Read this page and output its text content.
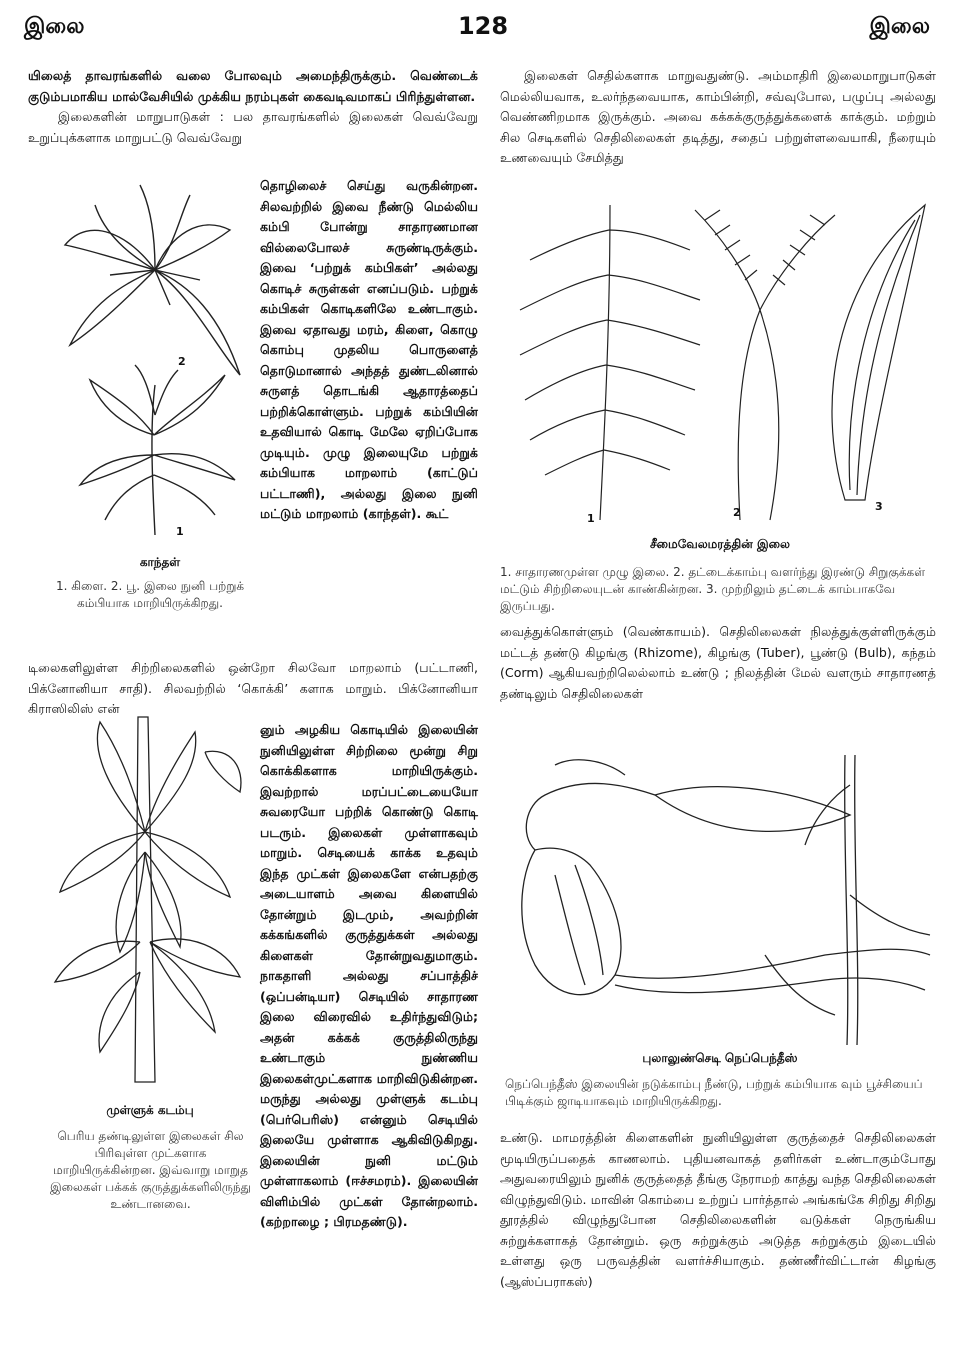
இலை	128	இலை

யிலைத் தாவரங்களில் வலை போலவும் அமைந்திருக்கும். வெண்டைக் குடும்பமாகிய மால்வேசியில் முக்கிய நரம்புகள் கைவடிவமாகப் பிரிந்துள்ளன.

இலைகளின் மாறுபாடுகள் : பல தாவரங்களில் இலைகள் வெவ்வேறு உறுப்புக்களாக மாறுபட்டு வெவ்வேறு

தொழிலைச் செய்து வருகின்றன. சிலவற்றில் இவை நீண்டு மெல்லிய கம்பி போன்று சாதாரணமான வில்லைபோலச் சுருண்டிருக்கும். இவை ‘பற்றுக் கம்பிகள்’ அல்லது கொடிச் சுருள்கள் எனப்படும். பற்றுக் கம்பிகள் கொடிகளிலே உண்டாகும். இவை ஏதாவது மரம், கிளை, கொழு கொம்பு முதலிய பொருளைத் தொடுமானால் அந்தத் துண்டலினால் சுருளத் தொடங்கி ஆதாரத்தைப் பற்றிக்கொள்ளும். பற்றுக் கம்பியின் உதவியால் கொடி மேலே ஏறிப்போக முடியும். முழு இலையுமே பற்றுக் கம்பியாக மாறலாம் (காட்டுப் பட்டாணி), அல்லது இலை நுனி மட்டும் மாறலாம் (காந்தள்). கூட்
டிலைகளிலுள்ள சிற்றிலைகளில் ஒன்றோ சிலவோ மாறலாம் (பட்டாணி, பிக்னோனியா சாதி). சிலவற்றில் ‘கொக்கி’ களாக மாறும். பிக்னோனியா கிராஸிலிஸ் என்
னும் அழகிய கொடியில் இலையின் நுனியிலுள்ள சிற்றிலை மூன்று சிறு கொக்கிகளாக மாறியிருக்கும். இவற்றால் மரப்பட்டையையோ சுவரையோ பற்றிக் கொண்டு கொடி படரும். இலைகள் முள்ளாகவும் மாறும். செடியைக் காக்க உதவும் இந்த முட்கள் இலைகளே என்பதற்கு அடையாளம் அவை கிளையில் தோன்றும் இடமும், அவற்றின் கக்கங்களில் குருத்துக்கள் அல்லது கிளைகள் தோன்றுவதுமாகும். நாகதாளி அல்லது சப்பாத்திச் (ஒப்பன்டியா) செடியில் சாதாரண இலை விரைவில் உதிர்ந்துவிடும்; அதன் கக்கக் குருத்திலிருந்து உண்டாகும் நுண்ணிய இலைகள்முட்களாக மாறிவிடுகின்றன. மருந்து அல்லது முள்ளுக் கடம்பு (பெர்பெரிஸ்) என்னும் செடியில் இலையே முள்ளாக ஆகிவிடுகிறது. இலையின் நுனி மட்டும் முள்ளாகலாம் (ஈச்சமரம்). இலையின் விளிம்பில் முட்கள் தோன்றலாம். (கற்றாழை ; பிரமதண்டு).
2
1
காந்தள்
1. கிளை. 2. பூ. இலை நுனி பற்றுக் கம்பியாக மாறியிருக்கிறது.
முள்ளுக் கடம்பு
பெரிய தண்டிலுள்ள இலைகள் சில பிரிவுள்ள முட்களாக மாறியிருக்கின்றன. இவ்வாறு மாறுத இலைகள் பக்கக் குருத்துக்களிலிருந்து உண்டானவை.
இலைகள் செதில்களாக மாறுவதுண்டு. அம்மாதிரி இலைமாறுபாடுகள் மெல்லியவாக, உலர்ந்தவையாக, காம்பின்றி, சவ்வுபோல, பழுப்பு அல்லது வெண்ணிறமாக இருக்கும். அவை கக்கக்குருத்துக்களைக் காக்கும். மற்றும் சில செடிகளில் செதிலிலைகள் தடித்து, சதைப் பற்றுள்ளவையாகி, நீரையும் உணவையும் சேமித்து
1	2	3
சீமைவேலமரத்தின் இலை
1. சாதாரணமுள்ள முழு இலை. 2. தட்டைக்காம்பு வளர்ந்து இரண்டு சிறுகுக்கள் மட்டும் சிற்றிலையுடன் காண்கின்றன. 3. முற்றிலும் தட்டைக் காம்பாகவே இருப்பது.
வைத்துக்கொள்ளும் (வெண்காயம்). செதிலிலைகள் நிலத்துக்குள்ளிருக்கும் மட்டத் தண்டு கிழங்கு (Rhizome), கிழங்கு (Tuber), பூண்டு (Bulb), கந்தம் (Corm) ஆகியவற்றிலெல்லாம் உண்டு ; நிலத்தின் மேல் வளரும் சாதாரணத் தண்டிலும் செதிலிலைகள்
புலாலுண்செடி நெப்பெந்தீஸ்
நெப்பெந்தீஸ் இலையின் நடுக்காம்பு நீண்டு, பற்றுக் கம்பியாக வும் பூச்சியைப் பிடிக்கும் ஜாடியாகவும் மாறியிருக்கிறது.
உண்டு. மாமரத்தின் கிளைகளின் நுனியிலுள்ள குருத்தைச் செதிலிலைகள் மூடியிருப்பதைக் காணலாம். புதியனவாகத் தளிர்கள் உண்டாகும்போது அதுவரையிலும் நுனிக் குருத்தைத் தீங்கு நேராமற் காத்து வந்த செதிலிலைகள் விழுந்துவிடும். மாவின் கொம்பை உற்றுப் பார்த்தால் அங்கங்கே சிறிது சிறிது தூரத்தில் விழுந்துபோன செதிலிலைகளின் வடுக்கள் நெருங்கிய சுற்றுக்களாகத் தோன்றும். ஒரு சுற்றுக்கும் அடுத்த சுற்றுக்கும் இடையில் உள்ளது ஒரு பருவத்தின் வளர்ச்சியாகும். தண்ணீர்விட்டான் கிழங்கு (ஆஸ்ப்பராகஸ்)
